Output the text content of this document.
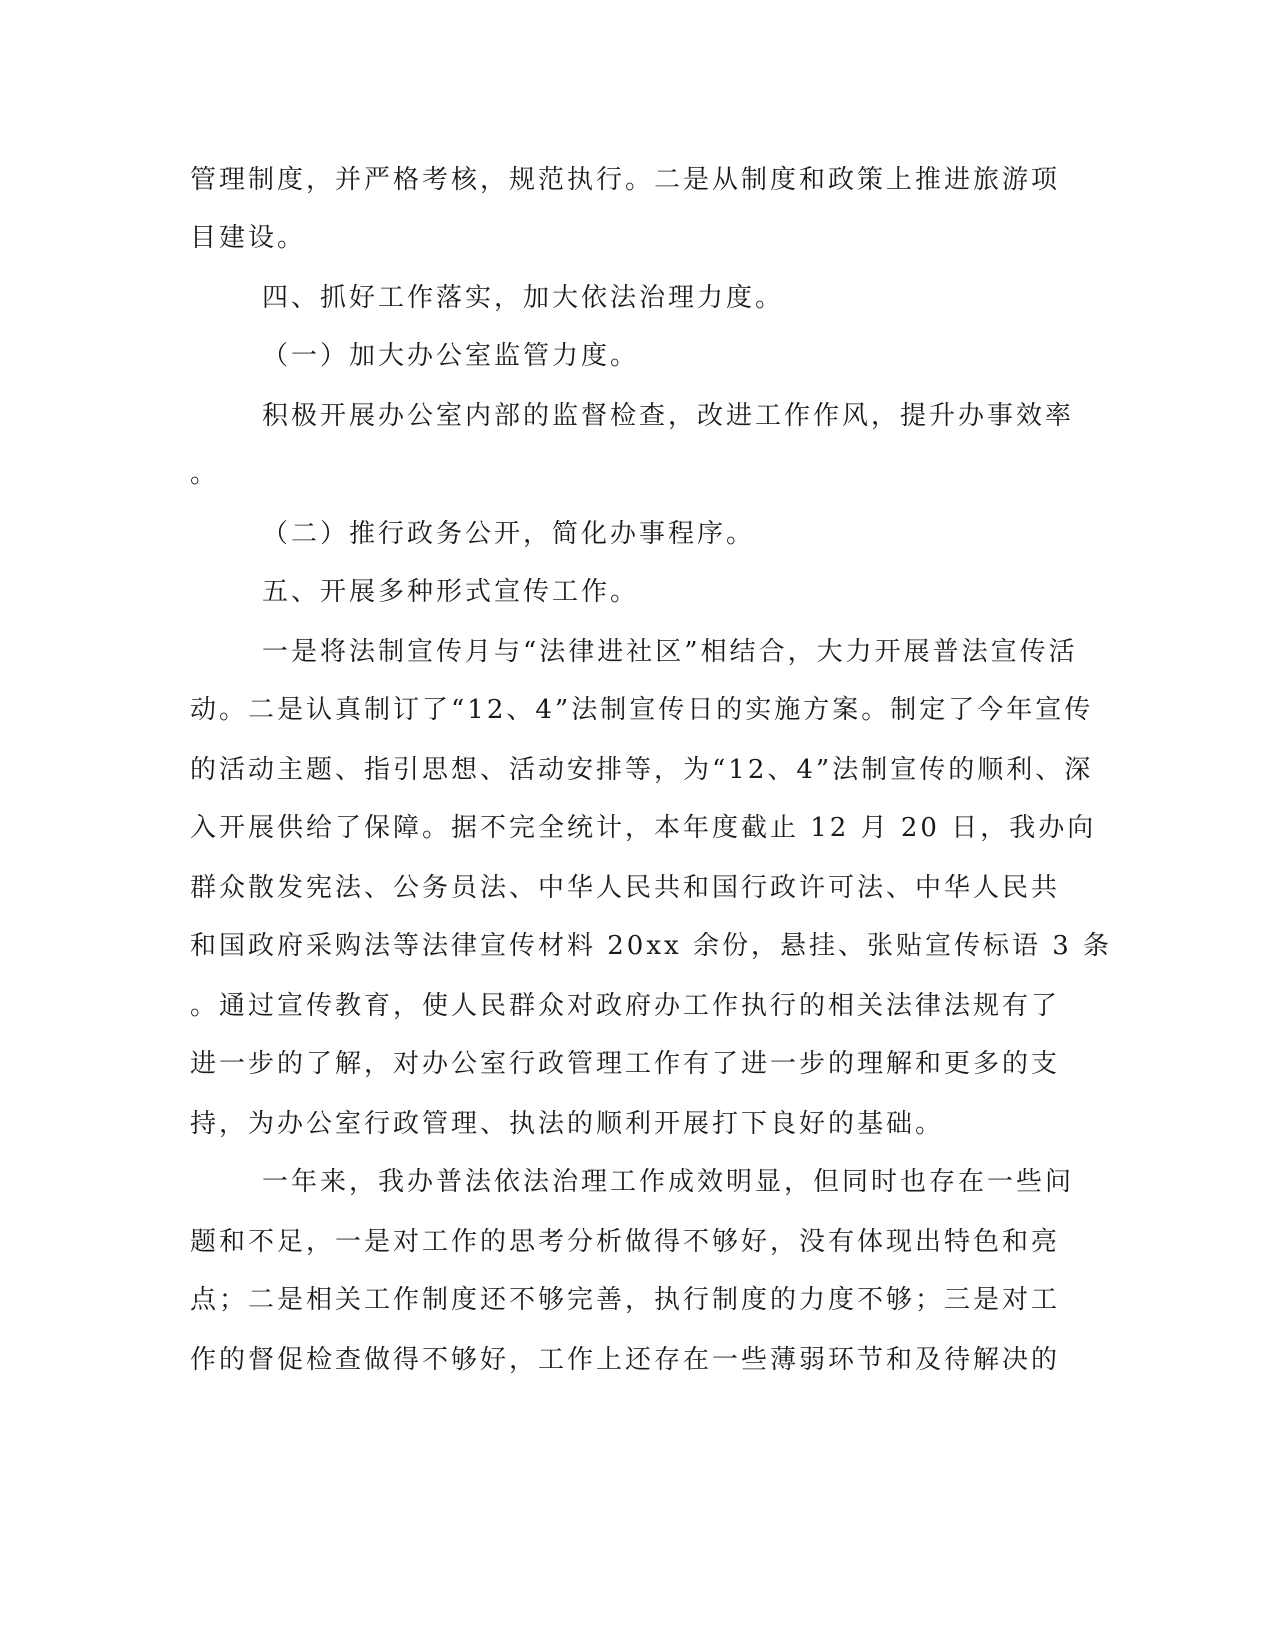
管理制度，并严格考核，规范执行。二是从制度和政策上推进旅游项
目建设。
四、抓好工作落实，加大依法治理力度。
（一）加大办公室监管力度。
积极开展办公室内部的监督检查，改进工作作风，提升办事效率
。
（二）推行政务公开，简化办事程序。
五、开展多种形式宣传工作。
一是将法制宣传月与“法律进社区”相结合，大力开展普法宣传活
动。二是认真制订了“12、4”法制宣传日的实施方案。制定了今年宣传
的活动主题、指引思想、活动安排等，为“12、4”法制宣传的顺利、深
入开展供给了保障。据不完全统计，本年度截止 12 月 20 日，我办向
群众散发宪法、公务员法、中华人民共和国行政许可法、中华人民共
和国政府采购法等法律宣传材料 20xx 余份，悬挂、张贴宣传标语 3 条
。通过宣传教育，使人民群众对政府办工作执行的相关法律法规有了
进一步的了解，对办公室行政管理工作有了进一步的理解和更多的支
持，为办公室行政管理、执法的顺利开展打下良好的基础。
一年来，我办普法依法治理工作成效明显，但同时也存在一些问
题和不足，一是对工作的思考分析做得不够好，没有体现出特色和亮
点；二是相关工作制度还不够完善，执行制度的力度不够；三是对工
作的督促检查做得不够好，工作上还存在一些薄弱环节和及待解决的
